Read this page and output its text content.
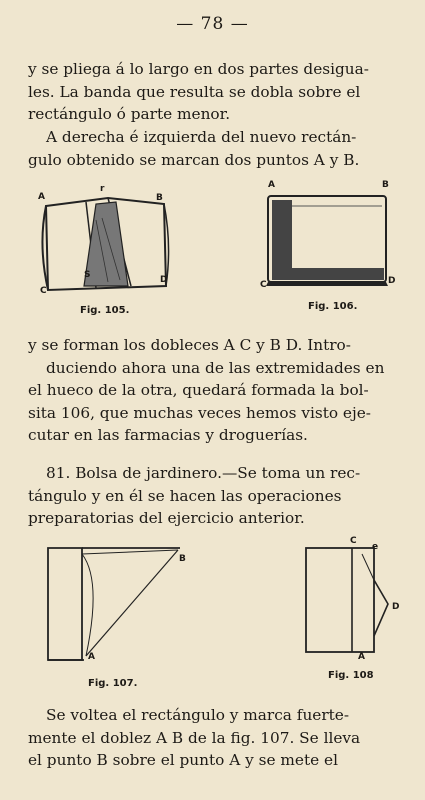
— 78 —

y se pliega á lo largo en dos partes desigua-
les. La banda que resulta se dobla sobre el
rectángulo ó parte menor.

A derecha é izquierda del nuevo rectán-
gulo obtenido se marcan dos puntos A y B.

A
r
B
C
S	D
Fig. 105.
A	B
C	D
Fig. 106.

y se forman los dobleces A C y B D. Intro-
duciendo ahora una de las extremidades en
el hueco de la otra, quedará formada la bol-
sita 106, que muchas veces hemos visto eje-
cutar en las farmacias y droguerías.

81. Bolsa de jardinero.—Se toma un rec-
tángulo y en él se hacen las operaciones
preparatorias del ejercicio anterior.

B
A
Fig. 107.
C
e
D
A
Fig. 108

Se voltea el rectángulo y marca fuerte-
mente el doblez A B de la fig. 107. Se lleva
el punto B sobre el punto A y se mete el
